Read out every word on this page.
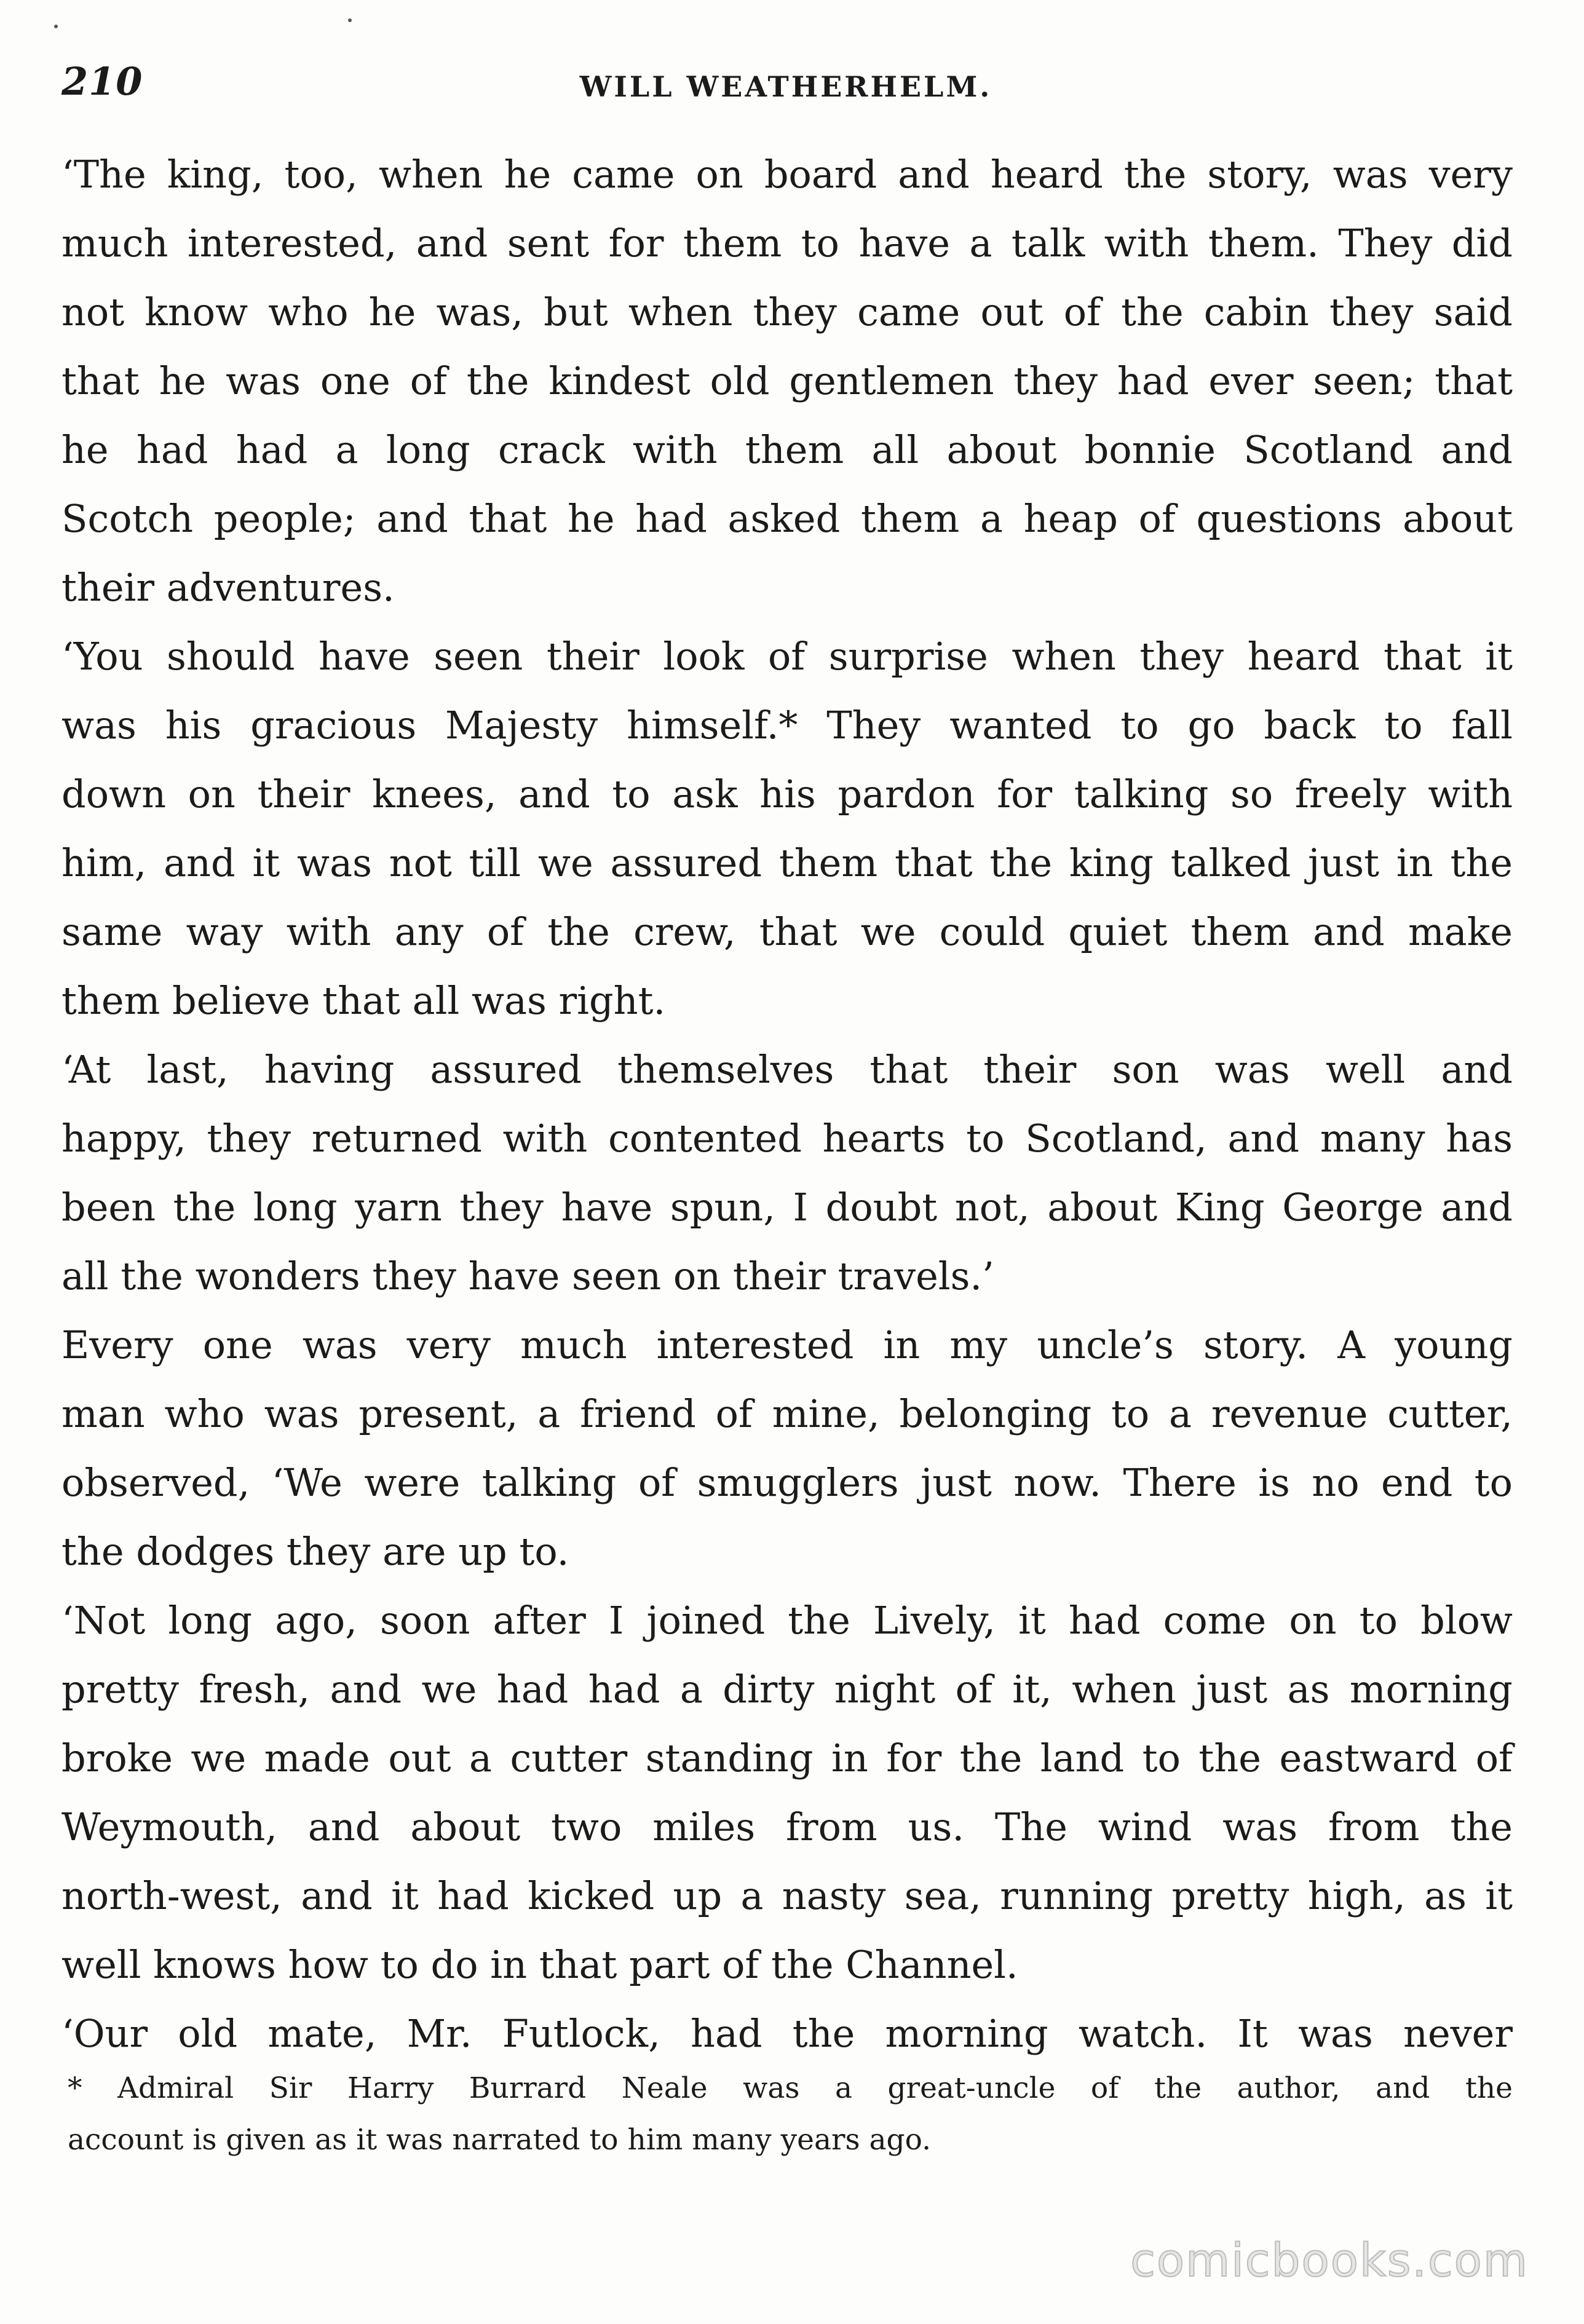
210	WILL WEATHERHELM.
‘The king, too, when he came on board and heard the story, was very
much interested, and sent for them to have a talk with them. They did
not know who he was, but when they came out of the cabin they said
that he was one of the kindest old gentlemen they had ever seen; that
he had had a long crack with them all about bonnie Scotland and
Scotch people; and that he had asked them a heap of questions about
their adventures.
‘You should have seen their look of surprise when they heard that it
was his gracious Majesty himself.* They wanted to go back to fall
down on their knees, and to ask his pardon for talking so freely with
him, and it was not till we assured them that the king talked just in the
same way with any of the crew, that we could quiet them and make
them believe that all was right.
‘At last, having assured themselves that their son was well and
happy, they returned with contented hearts to Scotland, and many has
been the long yarn they have spun, I doubt not, about King George and
all the wonders they have seen on their travels.’
Every one was very much interested in my uncle’s story. A young
man who was present, a friend of mine, belonging to a revenue cutter,
observed, ‘We were talking of smugglers just now. There is no end to
the dodges they are up to.
‘Not long ago, soon after I joined the Lively, it had come on to blow
pretty fresh, and we had had a dirty night of it, when just as morning
broke we made out a cutter standing in for the land to the eastward of
Weymouth, and about two miles from us. The wind was from the
north-west, and it had kicked up a nasty sea, running pretty high, as it
well knows how to do in that part of the Channel.
‘Our old mate, Mr. Futlock, had the morning watch. It was never
* Admiral Sir Harry Burrard Neale was a great-uncle of the author, and the
account is given as it was narrated to him many years ago.
comicbooks.com
